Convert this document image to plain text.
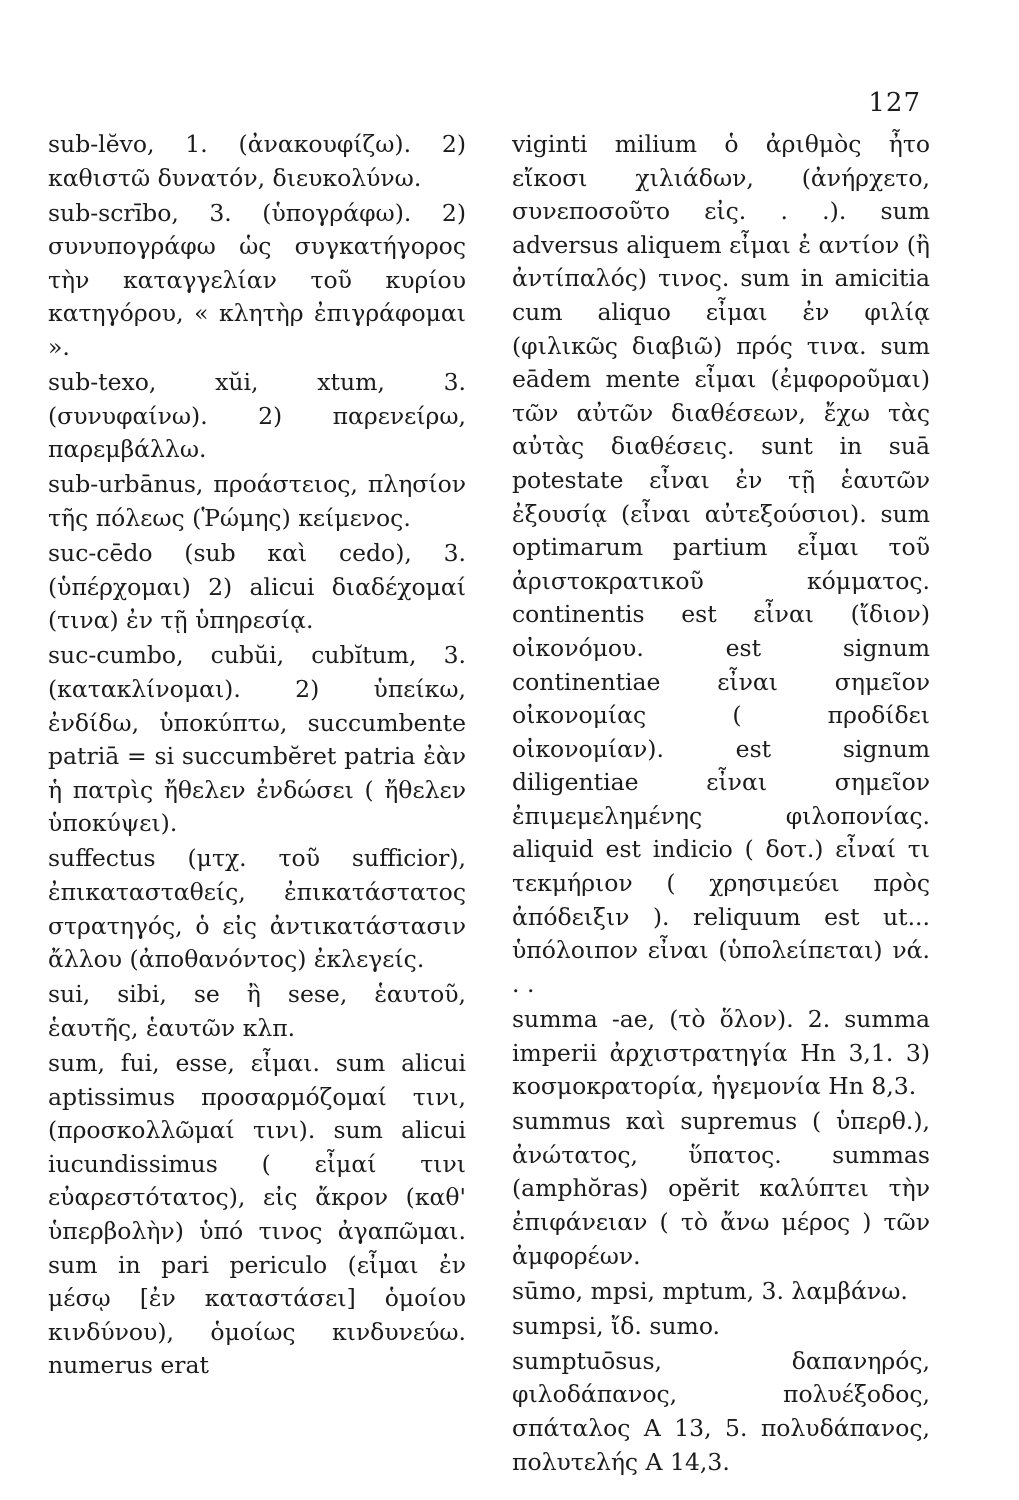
127

sub-lĕvo, 1. (ἀνακουφίζω). 2) καθιστῶ δυνατόν, διευκολύνω.

sub-scrībo, 3. (ὑπογράφω). 2) συνυπογράφω ὡς συγκατήγορος τὴν καταγγελίαν τοῦ κυρίου κατηγόρου, « κλητὴρ ἐπιγράφομαι ».

sub-texo, xŭi, xtum, 3. (συνυφαίνω). 2) παρενείρω, παρεμβάλλω.

sub-urbānus, προάστειος, πλησίον τῆς πόλεως (Ῥώμης) κείμενος.

suc-cēdo (sub καὶ cedo), 3. (ὑπέρχομαι) 2) alicui διαδέχομαί (τινα) ἐν τῇ ὑπηρεσίᾳ.

suc-cumbo, cubŭi, cubĭtum, 3. (κατακλίνομαι). 2) ὑπείκω, ἐνδίδω, ὑποκύπτω, succumbente patriā = si succumbĕret patria ἐὰν ἡ πατρὶς ἤθελεν ἐνδώσει ( ἤθελεν ὑποκύψει).

suffectus (μτχ. τοῦ sufficior), ἐπικατασταθείς, ἐπικατάστατος στρατηγός, ὁ εἰς ἀντικατάστασιν ἄλλου (ἀποθανόντος) ἐκλεγείς.

sui, sibi, se ἢ sese, ἑαυτοῦ, ἑαυτῆς, ἑαυτῶν κλπ.

sum, fui, esse, εἶμαι. sum alicui aptissimus προσαρμόζομαί τινι, (προσκολλῶμαί τινι). sum alicui iucundissimus ( εἶμαί τινι εὐαρεστότατος), εἰς ἄκρον (καθ' ὑπερβολὴν) ὑπό τινος ἀγαπῶμαι. sum in pari periculo (εἶμαι ἐν μέσῳ [ἐν καταστάσει] ὁμοίου κινδύνου), ὁμοίως κινδυνεύω. numerus erat

viginti milium ὁ ἀριθμὸς ἦτο εἴκοσι χιλιάδων, (ἀνήρχετο, συνεποσοῦτο εἰς. . .). sum adversus aliquem εἶμαι ἐ αντίον (ἢ ἀντίπαλός) τινος. sum in amicitia cum aliquo εἶμαι ἐν φιλίᾳ (φιλικῶς διαβιῶ) πρός τινα. sum eādem mente εἶμαι (ἐμφοροῦμαι) τῶν αὐτῶν διαθέσεων, ἔχω τὰς αὐτὰς διαθέσεις. sunt in suā potestate εἶναι ἐν τῇ ἑαυτῶν ἐξουσίᾳ (εἶναι αὐτεξούσιοι). sum optimarum partium εἶμαι τοῦ ἀριστοκρατικοῦ κόμματος. continentis est εἶναι (ἴδιον) οἰκονόμου. est signum continentiae εἶναι σημεῖον οἰκονομίας ( προδίδει οἰκονομίαν). est signum diligentiae εἶναι σημεῖον ἐπιμεμελημένης φιλοπονίας. aliquid est indicio ( δοτ.) εἶναί τι τεκμήριον ( χρησιμεύει πρὸς ἀπόδειξιν ). reliquum est ut... ὑπόλοιπον εἶναι (ὑπολείπεται) νά. . .

summa -ae, (τὸ ὅλον). 2. summa imperii ἀρχιστρατηγία Hn 3,1. 3) κοσμοκρατορία, ἡγεμονία Hn 8,3.

summus καὶ supremus ( ὑπερθ.), ἀνώτατος, ὕπατος. summas (amphŏras) opĕrit καλύπτει τὴν ἐπιφάνειαν ( τὸ ἄνω μέρος ) τῶν ἀμφορέων.

sūmo, mpsi, mptum, 3. λαμβάνω.

sumpsi, ἴδ. sumo.

sumptuōsus, δαπανηρός, φιλοδάπανος, πολυέξοδος, σπάταλος A 13, 5. πολυδάπανος, πολυτελής A 14,3.
